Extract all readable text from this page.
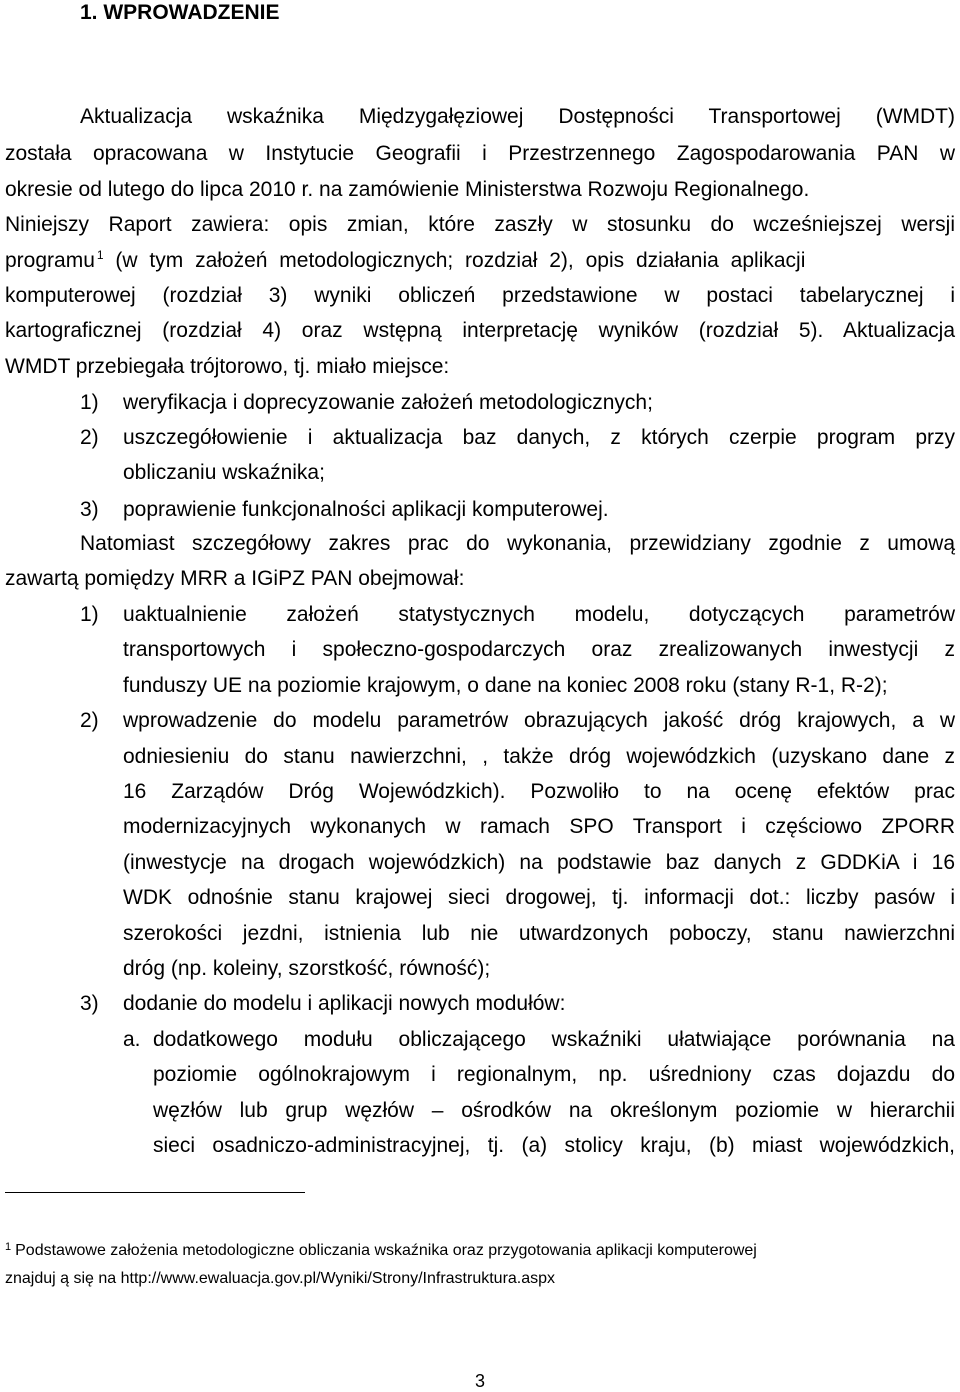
1. WPROWADZENIE
Aktualizacja wskaźnika Międzygałęziowej Dostępności Transportowej (WMDT)
została opracowana w Instytucie Geografii i Przestrzennego Zagospodarowania PAN w
okresie od lutego do lipca 2010 r. na zamówienie Ministerstwa Rozwoju Regionalnego.
Niniejszy Raport zawiera: opis zmian, które zaszły w stosunku do wcześniejszej wersji
programu $^1$ (w tym założeń metodologicznych; rozdział 2), opis działania aplikacji
komputerowej (rozdział 3) wyniki obliczeń przedstawione w postaci tabelarycznej i
kartograficznej (rozdział 4) oraz wstępną interpretację wyników (rozdział 5). Aktualizacja
WMDT przebiegała trójtorowo, tj. miało miejsce:
1) weryfikacja i doprecyzowanie założeń metodologicznych;
2) uszczegółowienie i aktualizacja baz danych, z których czerpie program przy
obliczaniu wskaźnika;
3) poprawienie funkcjonalności aplikacji komputerowej.
Natomiast szczegółowy zakres prac do wykonania, przewidziany zgodnie z umową
zawartą pomiędzy MRR a IGiPZ PAN obejmował:
1) uaktualnienie założeń statystycznych modelu, dotyczących parametrów
transportowych i społeczno-gospodarczych oraz zrealizowanych inwestycji z
funduszy UE na poziomie krajowym, o dane na koniec 2008 roku (stany R-1, R-2);
2) wprowadzenie do modelu parametrów obrazujących jakość dróg krajowych, a w
odniesieniu do stanu nawierzchni, , także dróg wojewódzkich (uzyskano dane z
16 Zarządów Dróg Wojewódzkich). Pozwoliło to na ocenę efektów prac
modernizacyjnych wykonanych w ramach SPO Transport i częściowo ZPORR
(inwestycje na drogach wojewódzkich) na podstawie baz danych z GDDKiA i 16
WDK odnośnie stanu krajowej sieci drogowej, tj. informacji dot.: liczby pasów i
szerokości jezdni, istnienia lub nie utwardzonych poboczy, stanu nawierzchni
dróg (np. koleiny, szorstkość, równość);
3) dodanie do modelu i aplikacji nowych modułów:
a. dodatkowego modułu obliczającego wskaźniki ułatwiające porównania na
poziomie ogólnokrajowym i regionalnym, np. uśredniony czas dojazdu do
węzłów lub grup węzłów – ośrodków na określonym poziomie w hierarchii
sieci osadniczo-administracyjnej, tj. (a) stolicy kraju, (b) miast wojewódzkich,
$^1$ Podstawowe założenia metodologiczne obliczania wskaźnika oraz przygotowania aplikacji komputerowej
znajduj ą się na http://www.ewaluacja.gov.pl/Wyniki/Strony/Infrastruktura.aspx
3
